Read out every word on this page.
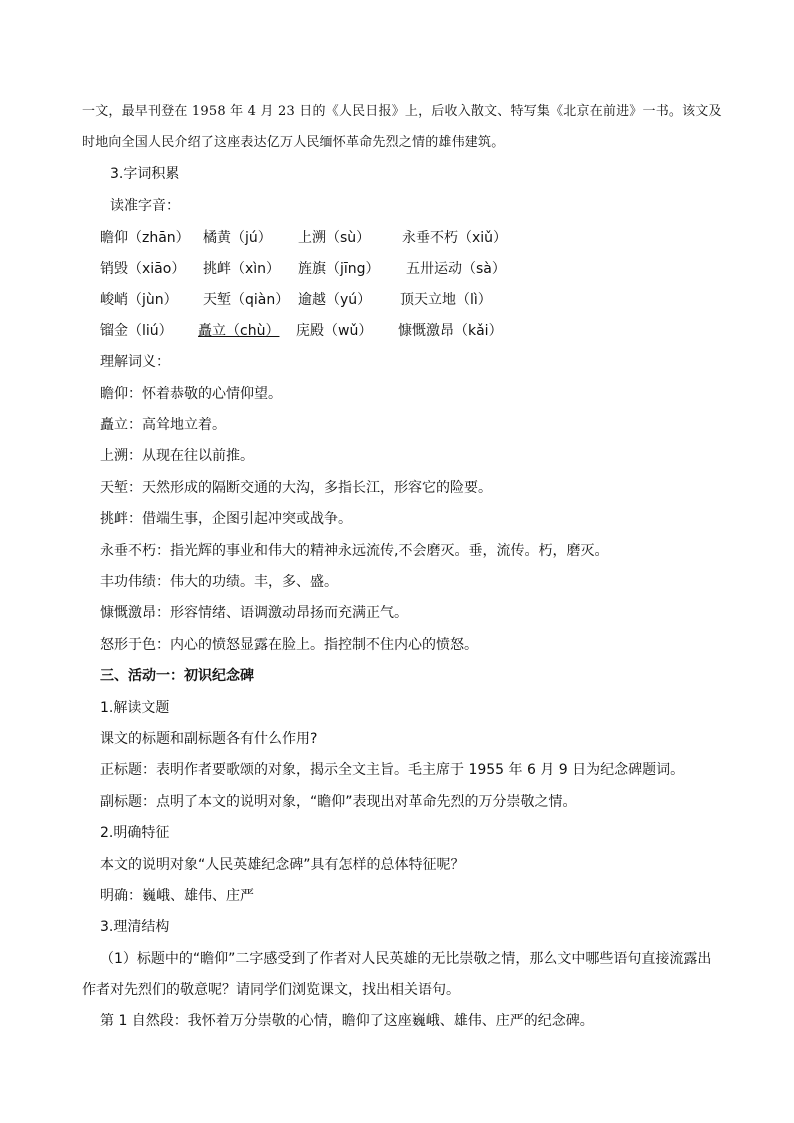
一文，最早刊登在 1958 年 4 月 23 日的《人民日报》上，后收入散文、特写集《北京在前进》一书。该文及
时地向全国人民介绍了这座表达亿万人民缅怀革命先烈之情的雄伟建筑。
3.字词积累
读准字音：
瞻仰（zhān） 橘黄（jú） 上溯（sù） 永垂不朽（xiǔ）
销毁（xiāo） 挑衅（xìn） 旌旗（jīng） 五卅运动（sà）
峻峭（jùn） 天堑（qiàn） 逾越（yú） 顶天立地（lì）
镏金（liú） 矗立（chù） 庑殿（wǔ） 慷慨激昂（kǎi）
理解词义：
瞻仰：怀着恭敬的心情仰望。
矗立：高耸地立着。
上溯：从现在往以前推。
天堑：天然形成的隔断交通的大沟，多指长江，形容它的险要。
挑衅：借端生事，企图引起冲突或战争。
永垂不朽：指光辉的事业和伟大的精神永远流传,不会磨灭。垂，流传。朽，磨灭。
丰功伟绩：伟大的功绩。丰，多、盛。
慷慨激昂：形容情绪、语调激动昂扬而充满正气。
怒形于色：内心的愤怒显露在脸上。指控制不住内心的愤怒。
三、活动一：初识纪念碑
1.解读文题
课文的标题和副标题各有什么作用?
正标题：表明作者要歌颂的对象，揭示全文主旨。毛主席于 1955 年 6 月 9 日为纪念碑题词。
副标题：点明了本文的说明对象，“瞻仰”表现出对革命先烈的万分崇敬之情。
2.明确特征
本文的说明对象“人民英雄纪念碑”具有怎样的总体特征呢？
明确：巍峨、雄伟、庄严
3.理清结构
（1）标题中的“瞻仰”二字感受到了作者对人民英雄的无比崇敬之情，那么文中哪些语句直接流露出
作者对先烈们的敬意呢？请同学们浏览课文，找出相关语句。
第 1 自然段：我怀着万分崇敬的心情，瞻仰了这座巍峨、雄伟、庄严的纪念碑。
